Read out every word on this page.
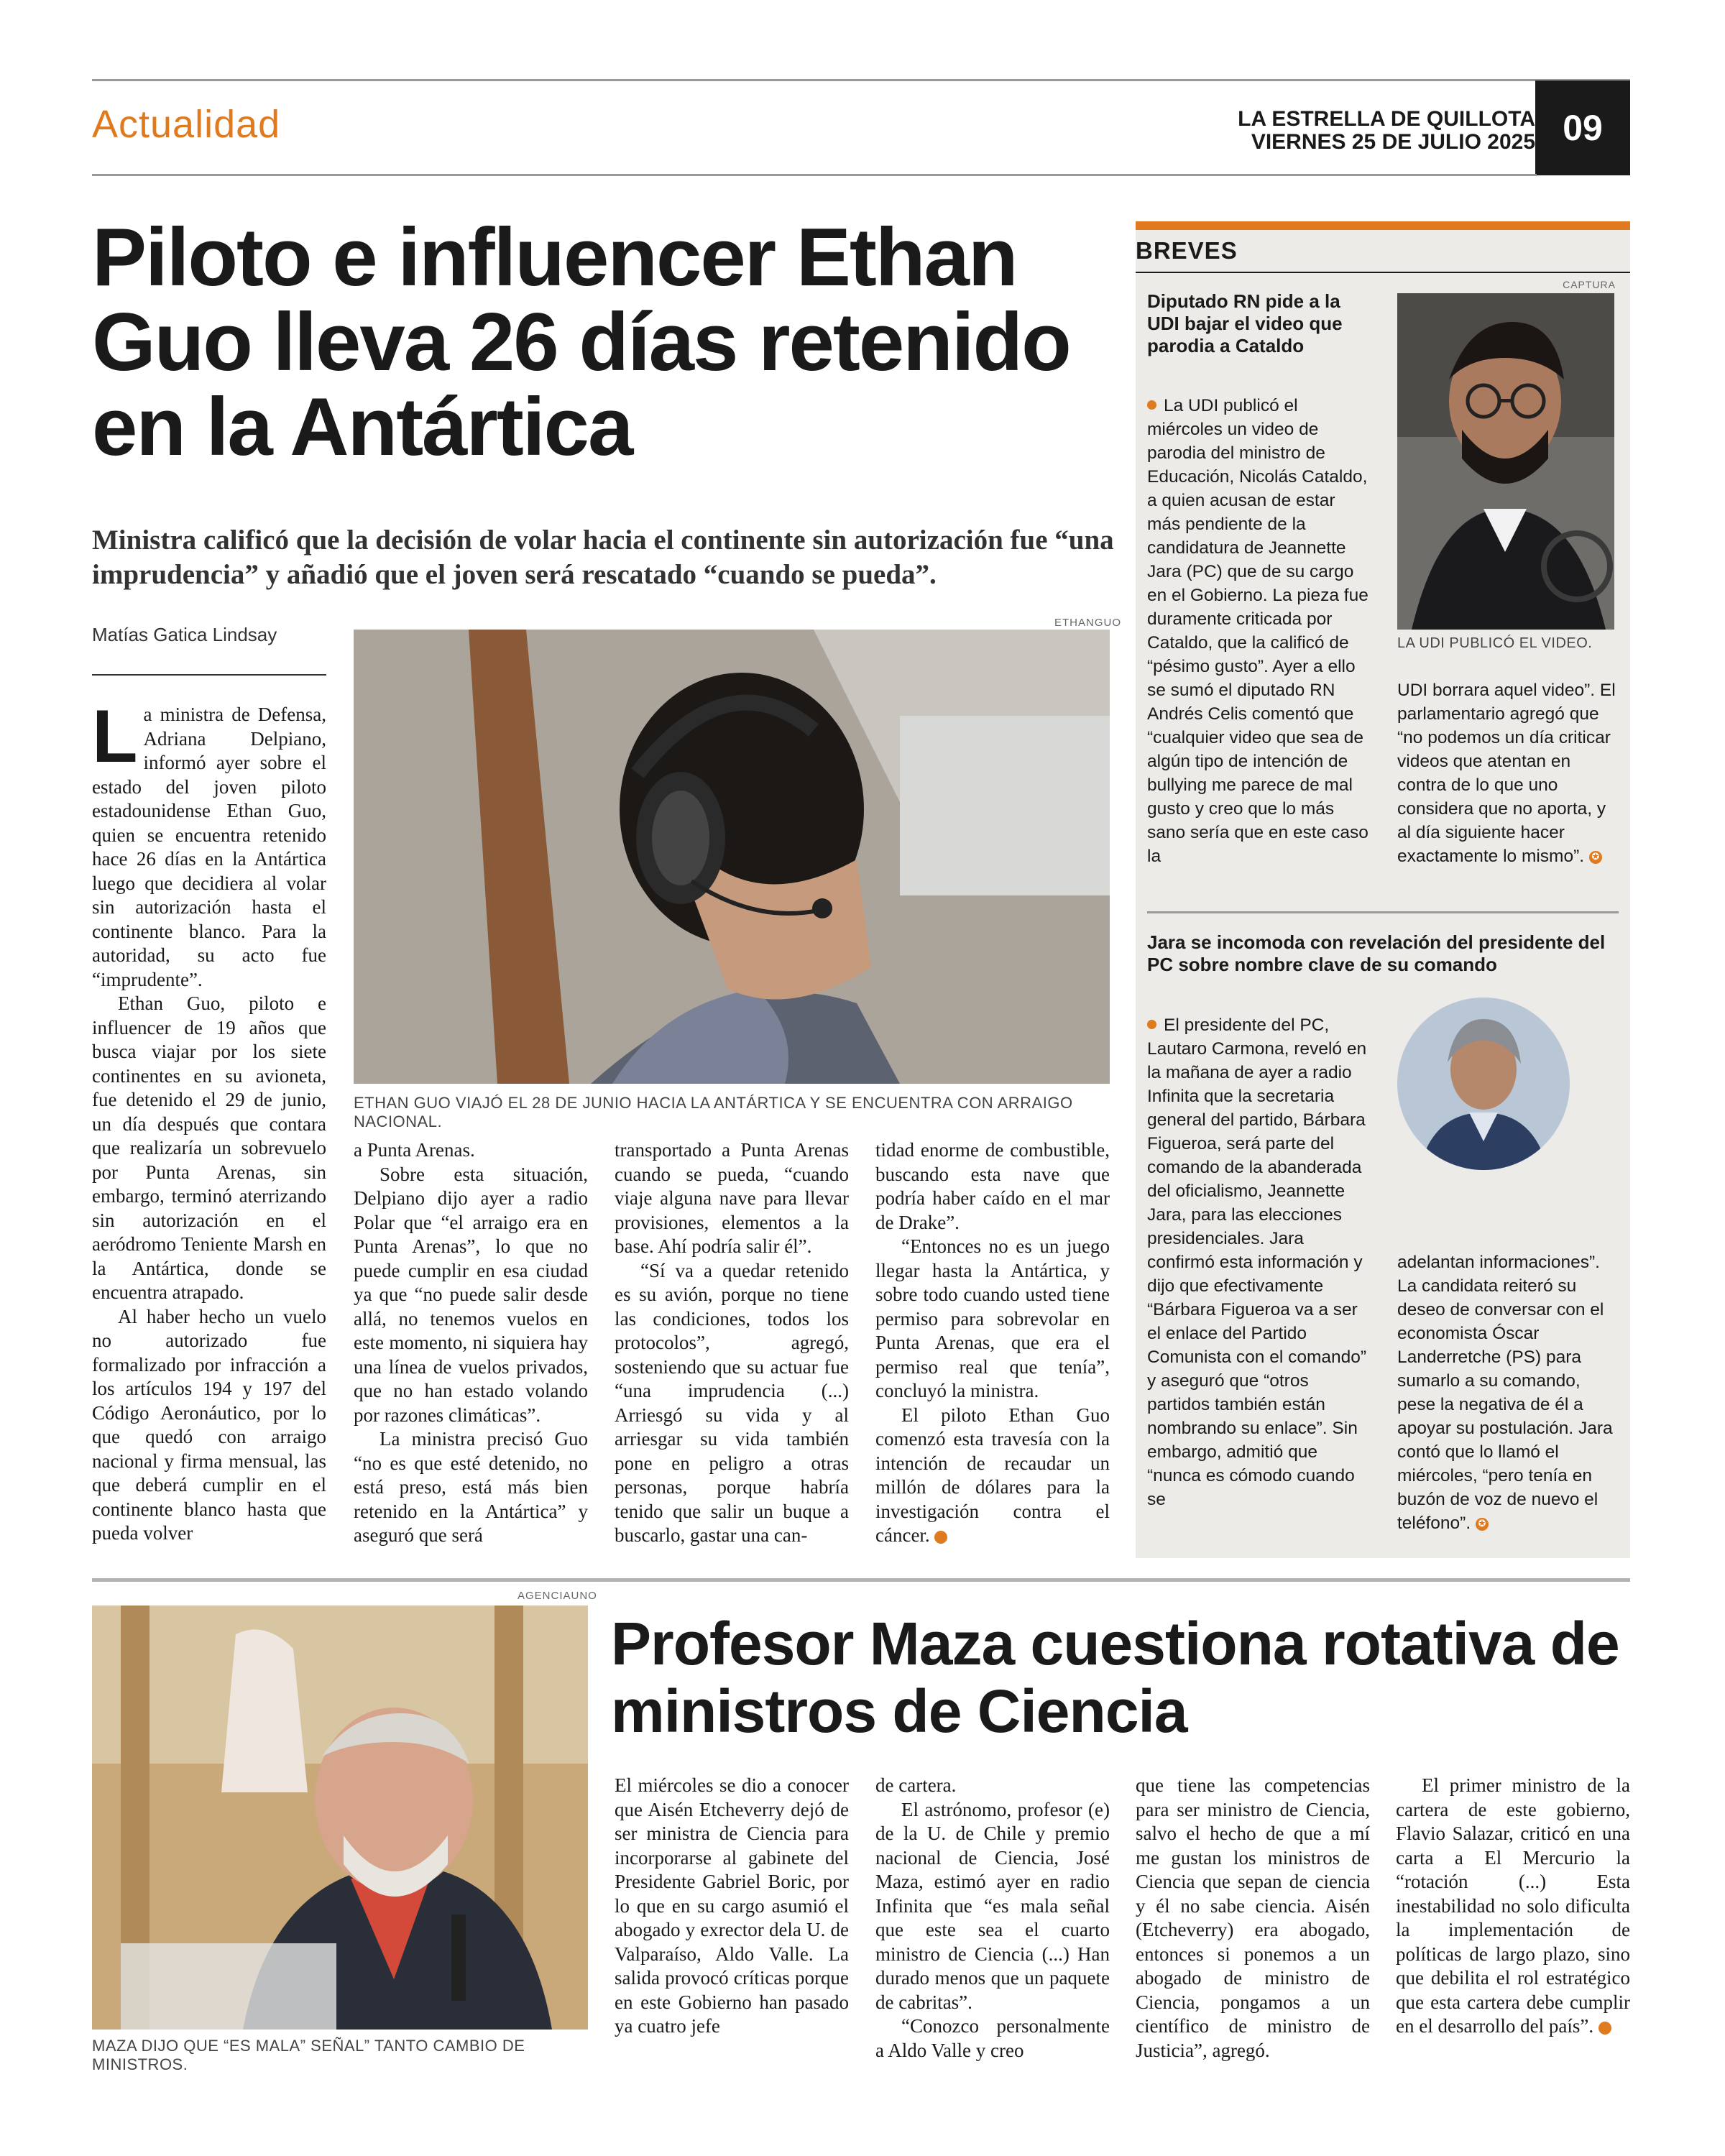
Actualidad	LA ESTRELLA DE QUILLOTA
VIERNES 25 DE JULIO 2025 09
Piloto e influencer Ethan Guo lleva 26 días retenido en la Antártica
Ministra calificó que la decisión de volar hacia el continente sin autorización fue “una imprudencia” y añadió que el joven será rescatado “cuando se pueda”.
Matías Gatica Lindsay
ETHANGUO
ETHAN GUO VIAJÓ EL 28 DE JUNIO HACIA LA ANTÁRTICA Y SE ENCUENTRA CON ARRAIGO NACIONAL.

La ministra de Defensa, Adriana Delpiano, informó ayer sobre el estado del joven piloto estadounidense Ethan Guo, quien se encuentra retenido hace 26 días en la Antártica luego que decidiera al volar sin autorización hasta el continente blanco. Para la autoridad, su acto fue “imprudente”.

Ethan Guo, piloto e influencer de 19 años que busca viajar por los siete continentes en su avioneta, fue detenido el 29 de junio, un día después que contara que realizaría un sobrevuelo por Punta Arenas, sin embargo, terminó aterrizando sin autorización en el aeródromo Teniente Marsh en la Antártica, donde se encuentra atrapado.

Al haber hecho un vuelo no autorizado fue formalizado por infracción a los artículos 194 y 197 del Código Aeronáutico, por lo que quedó con arraigo nacional y firma mensual, las que deberá cumplir en el continente blanco hasta que pueda volver

a Punta Arenas.

Sobre esta situación, Delpiano dijo ayer a radio Polar que “el arraigo era en Punta Arenas”, lo que no puede cumplir en esa ciudad ya que “no puede salir desde allá, no tenemos vuelos en este momento, ni siquiera hay una línea de vuelos privados, que no han estado volando por razones climáticas”.

La ministra precisó Guo “no es que esté detenido, no está preso, está más bien retenido en la Antártica” y aseguró que será

transportado a Punta Arenas cuando se pueda, “cuando viaje alguna nave para llevar provisiones, elementos a la base. Ahí podría salir él”.

“Sí va a quedar retenido es su avión, porque no tiene las condiciones, todos los protocolos”, agregó, sosteniendo que su actuar fue “una imprudencia (...) Arriesgó su vida y al arriesgar su vida también pone en peligro a otras personas, porque habría tenido que salir un buque a buscarlo, gastar una can-

tidad enorme de combustible, buscando esta nave que podría haber caído en el mar de Drake”.

“Entonces no es un juego llegar hasta la Antártica, y sobre todo cuando usted tiene permiso para sobrevolar en Punta Arenas, que era el permiso real que tenía”, concluyó la ministra.

El piloto Ethan Guo comenzó esta travesía con la intención de recaudar un millón de dólares para la investigación contra el cáncer.	✪

BREVES
Diputado RN pide a la UDI bajar el video que parodia a Cataldo
CAPTURA
LA UDI PUBLICÓ EL VIDEO.

La UDI publicó el miércoles un video de parodia del ministro de Educación, Nicolás Cataldo, a quien acusan de estar más pendiente de la candidatura de Jeannette Jara (PC) que de su cargo en el Gobierno. La pieza fue duramente criticada por Cataldo, que la calificó de “pésimo gusto”. Ayer a ello se sumó el diputado RN Andrés Celis comentó que “cualquier video que sea de algún tipo de intención de bullying me parece de mal gusto y creo que lo más sano sería que en este caso la

UDI borrara aquel video”. El parlamentario agregó que “no podemos un día criticar videos que atentan en contra de lo que uno considera que no aporta, y al día siguiente hacer exactamente lo mismo”. ✪

Jara se incomoda con revelación del presidente del PC sobre nombre clave de su comando

El presidente del PC, Lautaro Carmona, reveló en la mañana de ayer a radio Infinita que la secretaria general del partido, Bárbara Figueroa, será parte del comando de la abanderada del oficialismo, Jeannette Jara, para las elecciones presidenciales. Jara confirmó esta información y dijo que efectivamente “Bárbara Figueroa va a ser el enlace del Partido Comunista con el comando” y aseguró que “otros partidos también están nombrando su enlace”. Sin embargo, admitió que “nunca es cómodo cuando se

adelantan informaciones”. La candidata reiteró su deseo de conversar con el economista Óscar Landerretche (PS) para sumarlo a su comando, pese la negativa de él a apoyar su postulación. Jara contó que lo llamó el miércoles, “pero tenía en buzón de voz de nuevo el teléfono”. ✪

AGENCIAUNO
MAZA DIJO QUE “ES MALA” SEÑAL” TANTO CAMBIO DE MINISTROS.
Profesor Maza cuestiona rotativa de ministros de Ciencia

El miércoles se dio a conocer que Aisén Etcheverry dejó de ser ministra de Ciencia para incorporarse al gabinete del Presidente Gabriel Boric, por lo que en su cargo asumió el abogado y exrector dela U. de Valparaíso, Aldo Valle. La salida provocó críticas porque en este Gobierno han pasado ya cuatro jefe

de cartera.

El astrónomo, profesor (e) de la U. de Chile y premio nacional de Ciencia, José Maza, estimó ayer en radio Infinita que “es mala señal que este sea el cuarto ministro de Ciencia (...) Han durado menos que un paquete de cabritas”.

“Conozco personalmente a Aldo Valle y creo

que tiene las competencias para ser ministro de Ciencia, salvo el hecho de que a mí me gustan los ministros de Ciencia que sepan de ciencia y él no sabe ciencia. Aisén (Etcheverry) era abogado, entonces si ponemos a un abogado de ministro de Ciencia, pongamos a un científico de ministro de Justicia”, agregó.

El primer ministro de la cartera de este gobierno, Flavio Salazar, criticó en una carta a El Mercurio la “rotación (...) Esta inestabilidad no solo dificulta la implementación de políticas de largo plazo, sino que debilita el rol estratégico que esta cartera debe cumplir en el desarrollo del país”.	✪
